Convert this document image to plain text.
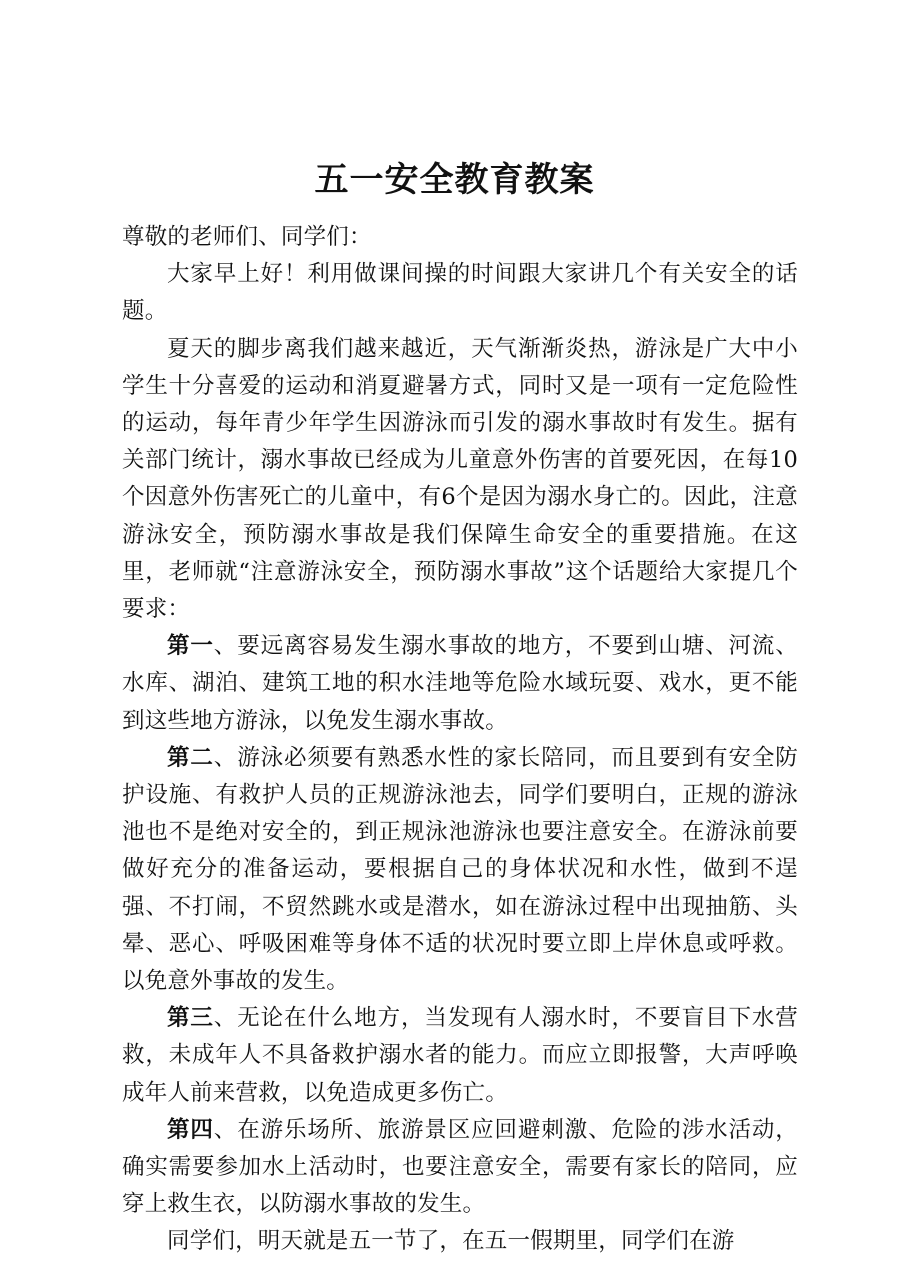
五一安全教育教案

尊敬的老师们、同学们：

大家早上好！利用做课间操的时间跟大家讲几个有关安全的话题。

夏天的脚步离我们越来越近，天气渐渐炎热，游泳是广大中小学生十分喜爱的运动和消夏避暑方式，同时又是一项有一定危险性的运动，每年青少年学生因游泳而引发的溺水事故时有发生。据有关部门统计，溺水事故已经成为儿童意外伤害的首要死因，在每10个因意外伤害死亡的儿童中，有6个是因为溺水身亡的。因此，注意游泳安全，预防溺水事故是我们保障生命安全的重要措施。在这里，老师就“注意游泳安全，预防溺水事故”这个话题给大家提几个要求：

第一、要远离容易发生溺水事故的地方，不要到山塘、河流、水库、湖泊、建筑工地的积水洼地等危险水域玩耍、戏水，更不能到这些地方游泳，以免发生溺水事故。

第二、游泳必须要有熟悉水性的家长陪同，而且要到有安全防护设施、有救护人员的正规游泳池去，同学们要明白，正规的游泳池也不是绝对安全的，到正规泳池游泳也要注意安全。在游泳前要做好充分的准备运动，要根据自己的身体状况和水性，做到不逞强、不打闹，不贸然跳水或是潜水，如在游泳过程中出现抽筋、头晕、恶心、呼吸困难等身体不适的状况时要立即上岸休息或呼救。以免意外事故的发生。

第三、无论在什么地方，当发现有人溺水时，不要盲目下水营救，未成年人不具备救护溺水者的能力。而应立即报警，大声呼唤成年人前来营救，以免造成更多伤亡。

第四、在游乐场所、旅游景区应回避刺激、危险的涉水活动，确实需要参加水上活动时，也要注意安全，需要有家长的陪同，应穿上救生衣，以防溺水事故的发生。

同学们，明天就是五一节了，在五一假期里，同学们在游
